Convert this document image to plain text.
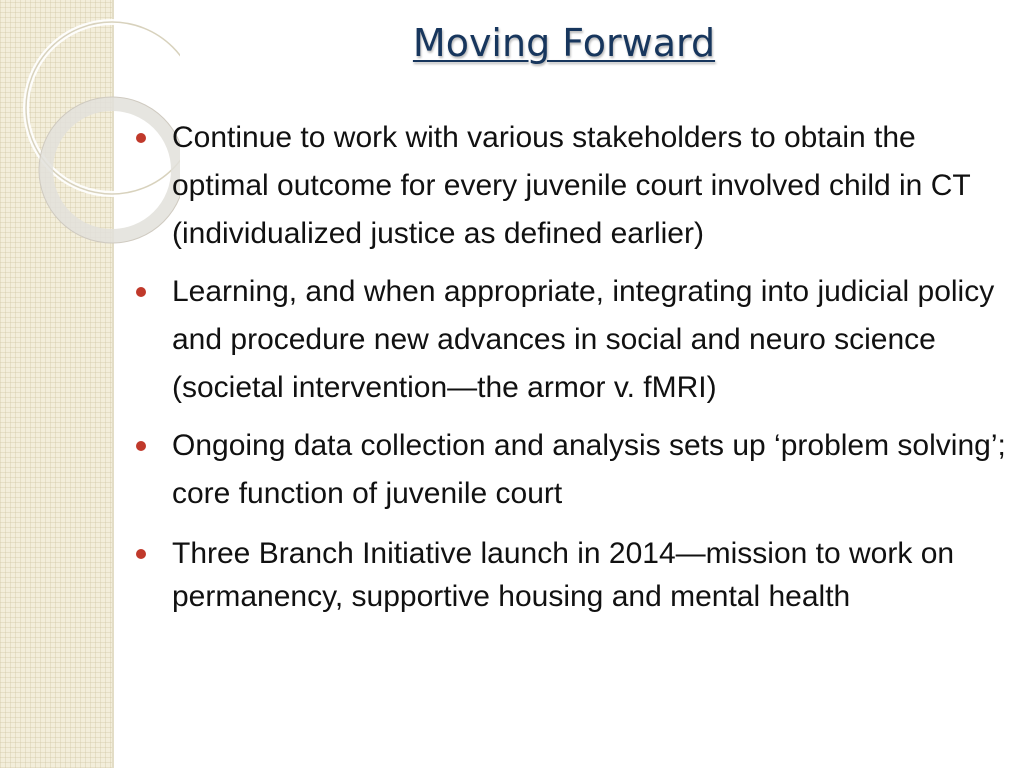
Moving Forward
Continue to work with various stakeholders to obtain the optimal outcome for every juvenile court involved child in CT (individualized justice as defined earlier)
Learning, and when appropriate, integrating into judicial policy and procedure new advances in social and neuro science (societal intervention—the armor v. fMRI)
Ongoing data collection and analysis sets up ‘problem solving’; core function of juvenile court
Three Branch Initiative launch in 2014—mission to work on permanency, supportive housing and mental health
